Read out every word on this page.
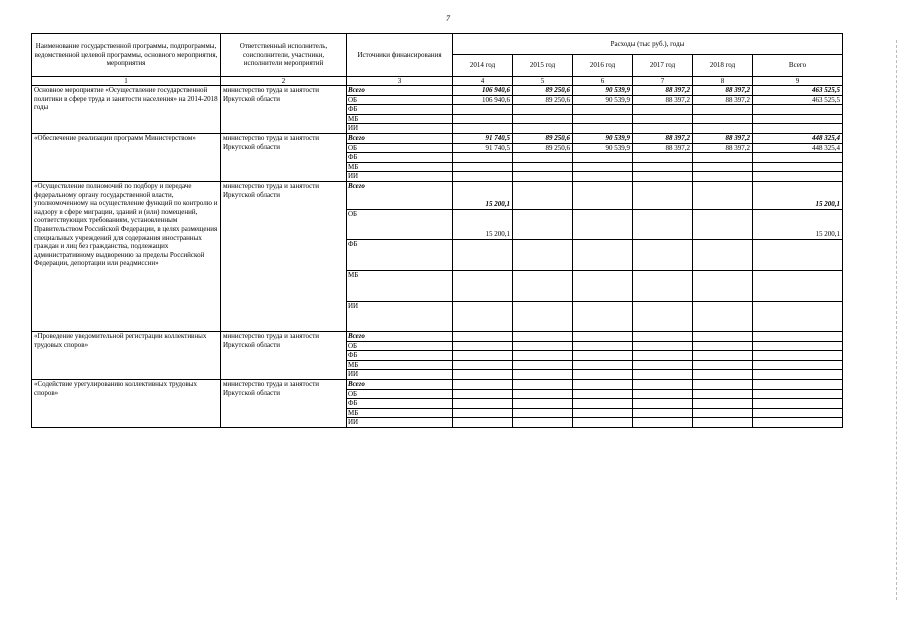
7
Наименование государственной программы, подпрограммы, ведомственной целевой программы, основного мероприятия, мероприятия	Ответственный исполнитель, соисполнители, участники, исполнители мероприятий	Источники финансирования	Расходы (тыс руб.), годы					
			2014 год	2015 год	2016 год	2017 год	2018 год	Всего
1	2	3	4	5	6	7	8	9
Основное мероприятие «Осуществление государственной политики в сфере труда и занятости населения» на 2014-2018 годы	министерство труда и занятости Иркутской области	Всего	106 940,6	89 250,6	90 539,9	88 397,2	88 397,2	463 525,5
		ОБ	106 940,6	89 250,6	90 539,9	88 397,2	88 397,2	463 525,5
		ФБ						
		МБ						
		ИИ						
«Обеспечение реализации программ Министерством»	министерство труда и занятости Иркутской области	Всего	91 740,5	89 250,6	90 539,9	88 397,2	88 397,2	448 325,4
		ОБ	91 740,5	89 250,6	90 539,9	88 397,2	88 397,2	448 325,4
		ФБ						
		МБ						
		ИИ						
«Осуществление полномочий по подбору и передаче федеральному органу государственной власти, уполномоченному на осуществление функций по контролю и надзору в сфере миграции, зданий и (или) помещений, соответствующих требованиям, установленным Правительством Российской Федерации, в целях размещения специальных учреждений для содержания иностранных граждан и лиц без гражданства, подлежащих административному выдворению за пределы Российской Федерации, депортации или реадмиссии»	министерство труда и занятости Иркутской области	Всего	15 200,1					15 200,1
		ОБ	15 200,1					15 200,1
		ФБ						
		МБ						
		ИИ						
«Проведение уведомительной регистрации коллективных трудовых споров»	министерство труда и занятости Иркутской области	Всего						
		ОБ						
		ФБ						
		МБ						
		ИИ						
«Содействие урегулированию коллективных трудовых споров»	министерство труда и занятости Иркутской области	Всего						
		ОБ						
		ФБ						
		МБ						
		ИИ						
